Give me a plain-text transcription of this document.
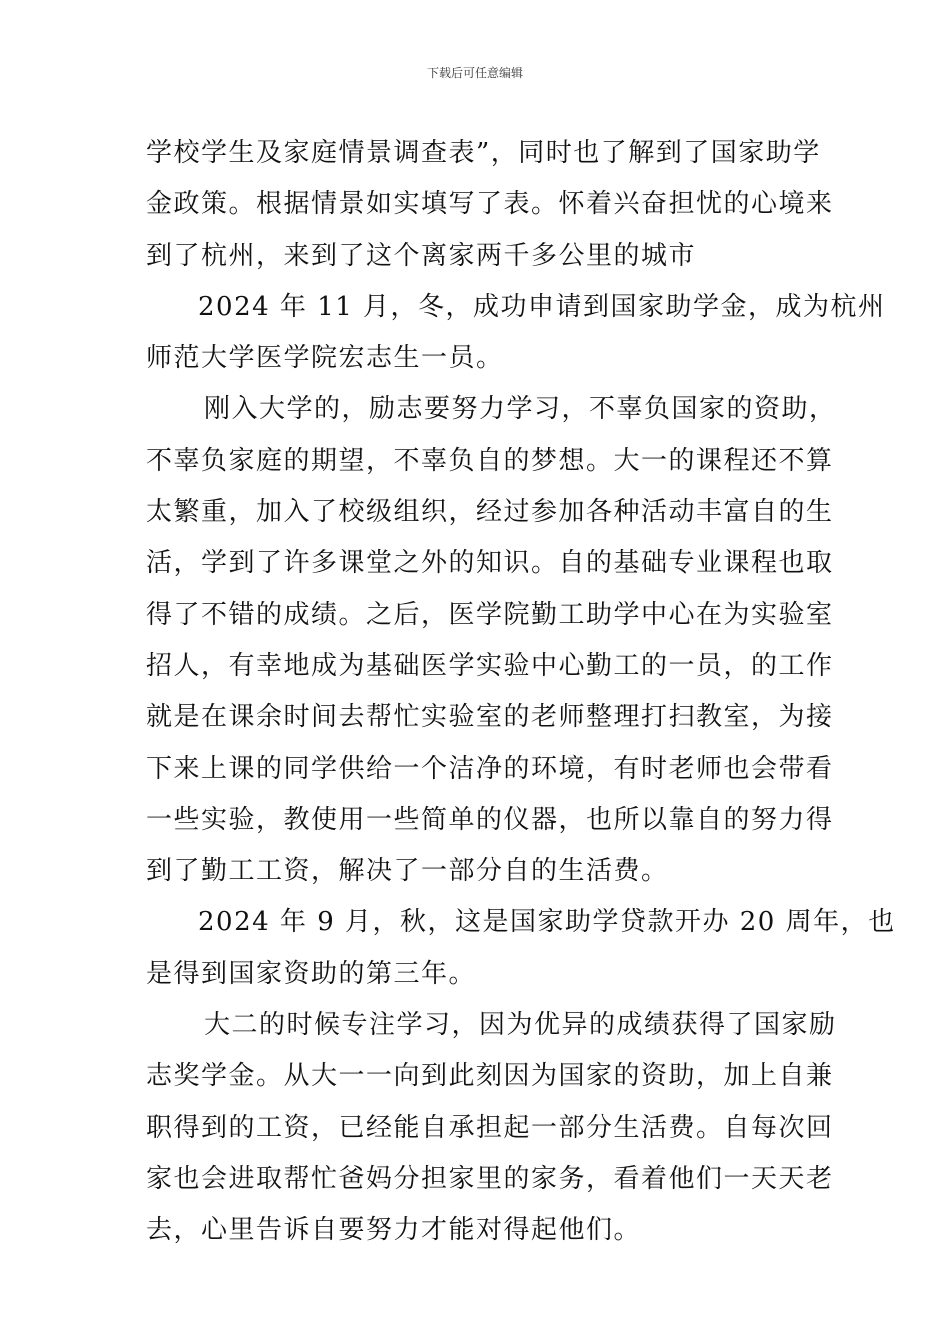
下载后可任意编辑
学校学生及家庭情景调查表”，同时也了解到了国家助学
金政策。根据情景如实填写了表。怀着兴奋担忧的心境来
到了杭州，来到了这个离家两千多公里的城市
2024 年 11 月，冬，成功申请到国家助学金，成为杭州
师范大学医学院宏志生一员。
刚入大学的，励志要努力学习，不辜负国家的资助，
不辜负家庭的期望，不辜负自的梦想。大一的课程还不算
太繁重，加入了校级组织，经过参加各种活动丰富自的生
活，学到了许多课堂之外的知识。自的基础专业课程也取
得了不错的成绩。之后，医学院勤工助学中心在为实验室
招人，有幸地成为基础医学实验中心勤工的一员，的工作
就是在课余时间去帮忙实验室的老师整理打扫教室，为接
下来上课的同学供给一个洁净的环境，有时老师也会带看
一些实验，教使用一些简单的仪器，也所以靠自的努力得
到了勤工工资，解决了一部分自的生活费。
2024 年 9 月，秋，这是国家助学贷款开办 20 周年，也
是得到国家资助的第三年。
大二的时候专注学习，因为优异的成绩获得了国家励
志奖学金。从大一一向到此刻因为国家的资助，加上自兼
职得到的工资，已经能自承担起一部分生活费。自每次回
家也会进取帮忙爸妈分担家里的家务，看着他们一天天老
去，心里告诉自要努力才能对得起他们。
